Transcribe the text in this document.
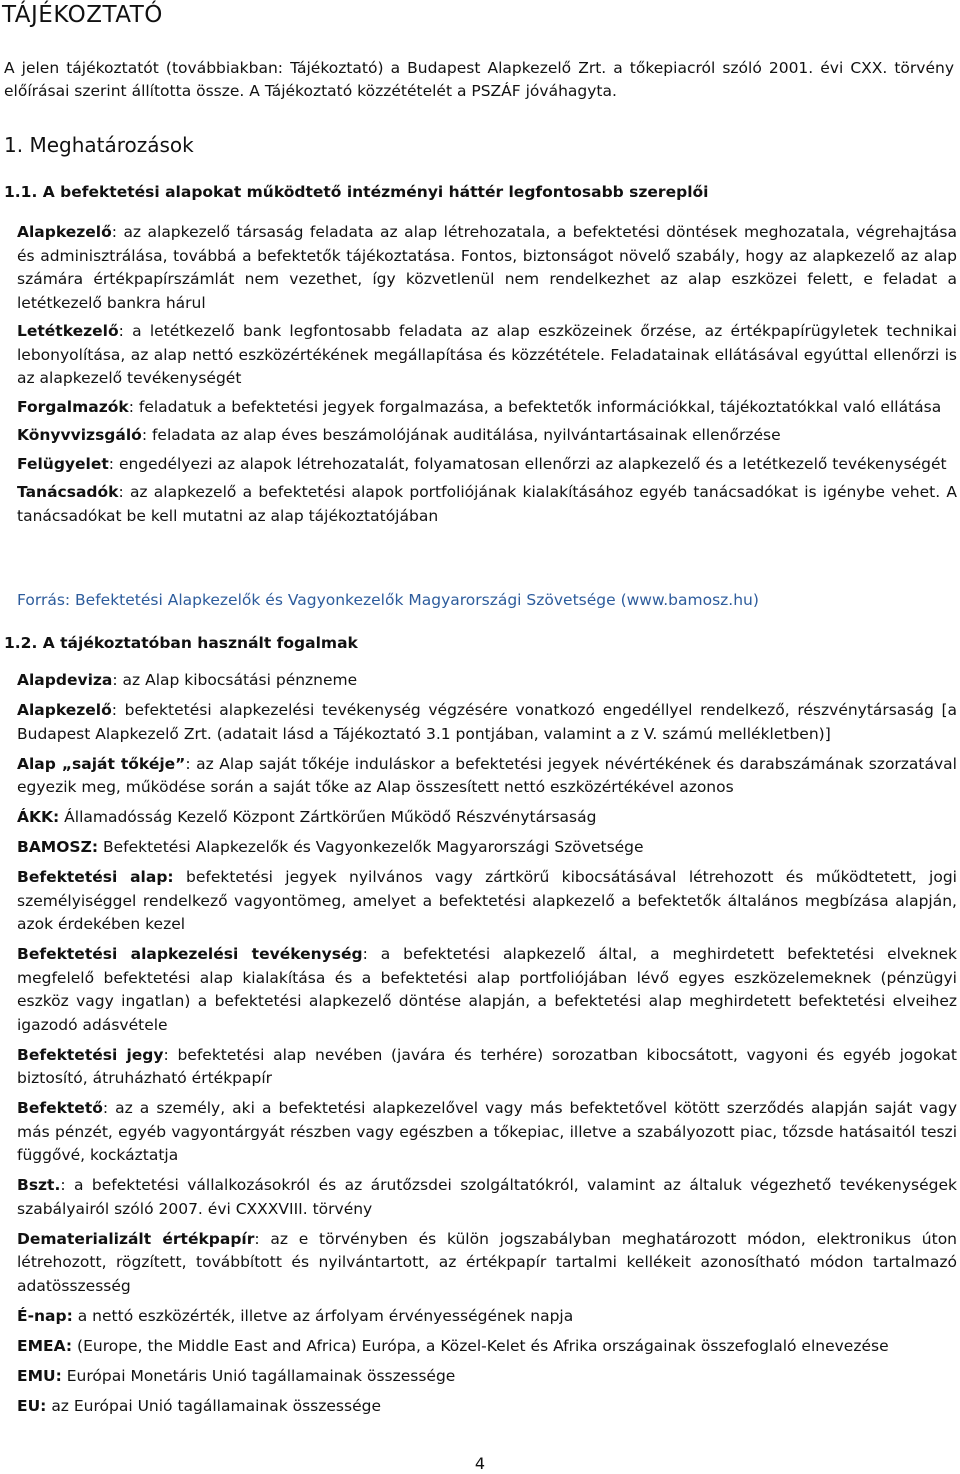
TÁJÉKOZTATÓ

A jelen tájékoztatót (továbbiakban: Tájékoztató) a Budapest Alapkezelő Zrt. a tőkepiacról szóló 2001. évi CXX. törvény előírásai szerint állította össze. A Tájékoztató közzétételét a PSZÁF jóváhagyta.

1. Meghatározások
1.1. A befektetési alapokat működtető intézményi háttér legfontosabb szereplői

Alapkezelő: az alapkezelő társaság feladata az alap létrehozatala, a befektetési döntések meghozatala, végrehajtása és adminisztrálása, továbbá a befektetők tájékoztatása. Fontos, biztonságot növelő szabály, hogy az alapkezelő az alap számára értékpapírszámlát nem vezethet, így közvetlenül nem rendelkezhet az alap eszközei felett, e feladat a letétkezelő bankra hárul

Letétkezelő: a letétkezelő bank legfontosabb feladata az alap eszközeinek őrzése, az értékpapírügyletek technikai lebonyolítása, az alap nettó eszközértékének megállapítása és közzététele. Feladatainak ellátásával egyúttal ellenőrzi is az alapkezelő tevékenységét

Forgalmazók: feladatuk a befektetési jegyek forgalmazása, a befektetők információkkal, tájékoztatókkal való ellátása

Könyvvizsgáló: feladata az alap éves beszámolójának auditálása, nyilvántartásainak ellenőrzése

Felügyelet: engedélyezi az alapok létrehozatalát, folyamatosan ellenőrzi az alapkezelő és a letétkezelő tevékenységét

Tanácsadók: az alapkezelő a befektetési alapok portfoliójának kialakításához egyéb tanácsadókat is igénybe vehet. A tanácsadókat be kell mutatni az alap tájékoztatójában

Forrás: Befektetési Alapkezelők és Vagyonkezelők Magyarországi Szövetsége (www.bamosz.hu)

1.2. A tájékoztatóban használt fogalmak

Alapdeviza: az Alap kibocsátási pénzneme

Alapkezelő: befektetési alapkezelési tevékenység végzésére vonatkozó engedéllyel rendelkező, részvénytársaság [a Budapest Alapkezelő Zrt. (adatait lásd a Tájékoztató 3.1 pontjában, valamint a z V. számú mellékletben)]

Alap „saját tőkéje”: az Alap saját tőkéje induláskor a befektetési jegyek névértékének és darabszámának szorzatával egyezik meg, működése során a saját tőke az Alap összesített nettó eszközértékével azonos

ÁKK: Államadósság Kezelő Központ Zártkörűen Működő Részvénytársaság

BAMOSZ: Befektetési Alapkezelők és Vagyonkezelők Magyarországi Szövetsége

Befektetési alap: befektetési jegyek nyilvános vagy zártkörű kibocsátásával létrehozott és működtetett, jogi személyiséggel rendelkező vagyontömeg, amelyet a befektetési alapkezelő a befektetők általános megbízása alapján, azok érdekében kezel

Befektetési alapkezelési tevékenység: a befektetési alapkezelő által, a meghirdetett befektetési elveknek megfelelő befektetési alap kialakítása és a befektetési alap portfoliójában lévő egyes eszközelemeknek (pénzügyi eszköz vagy ingatlan) a befektetési alapkezelő döntése alapján, a befektetési alap meghirdetett befektetési elveihez igazodó adásvétele

Befektetési jegy: befektetési alap nevében (javára és terhére) sorozatban kibocsátott, vagyoni és egyéb jogokat biztosító, átruházható értékpapír

Befektető: az a személy, aki a befektetési alapkezelővel vagy más befektetővel kötött szerződés alapján saját vagy más pénzét, egyéb vagyontárgyát részben vagy egészben a tőkepiac, illetve a szabályozott piac, tőzsde hatásaitól teszi függővé, kockáztatja

Bszt.: a befektetési vállalkozásokról és az árutőzsdei szolgáltatókról, valamint az általuk végezhető tevékenységek szabályairól szóló 2007. évi CXXXVIII. törvény

Dematerializált értékpapír: az e törvényben és külön jogszabályban meghatározott módon, elektronikus úton létrehozott, rögzített, továbbított és nyilvántartott, az értékpapír tartalmi kellékeit azonosítható módon tartalmazó adatösszesség

É-nap: a nettó eszközérték, illetve az árfolyam érvényességének napja

EMEA: (Europe, the Middle East and Africa) Európa, a Közel-Kelet és Afrika országainak összefoglaló elnevezése

EMU: Európai Monetáris Unió tagállamainak összessége

EU: az Európai Unió tagállamainak összessége

4
